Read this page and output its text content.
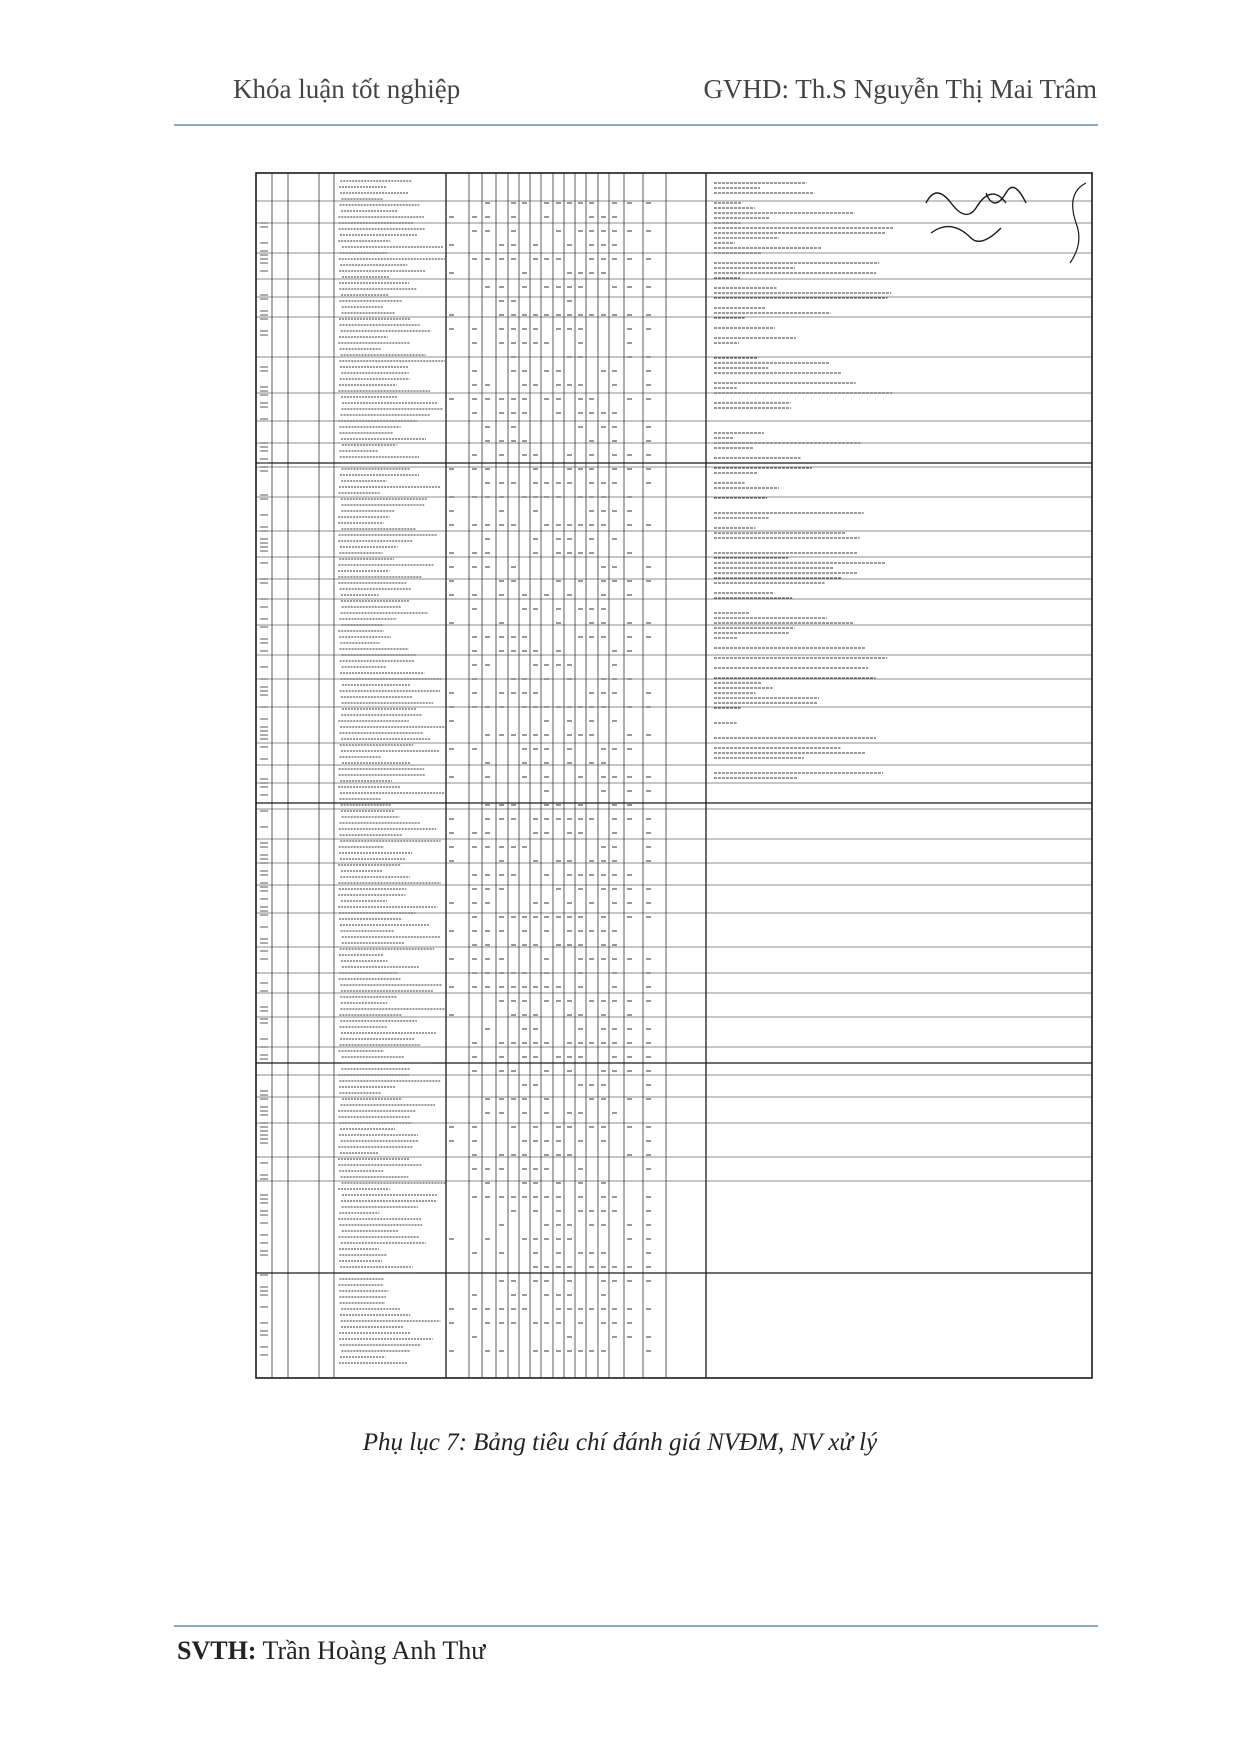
Khóa luận tốt nghiệp	GVHD: Th.S Nguyễn Thị Mai Trâm
Phụ lục 7: Bảng tiêu chí đánh giá NVĐM, NV xử lý
SVTH: Trần Hoàng Anh Thư
